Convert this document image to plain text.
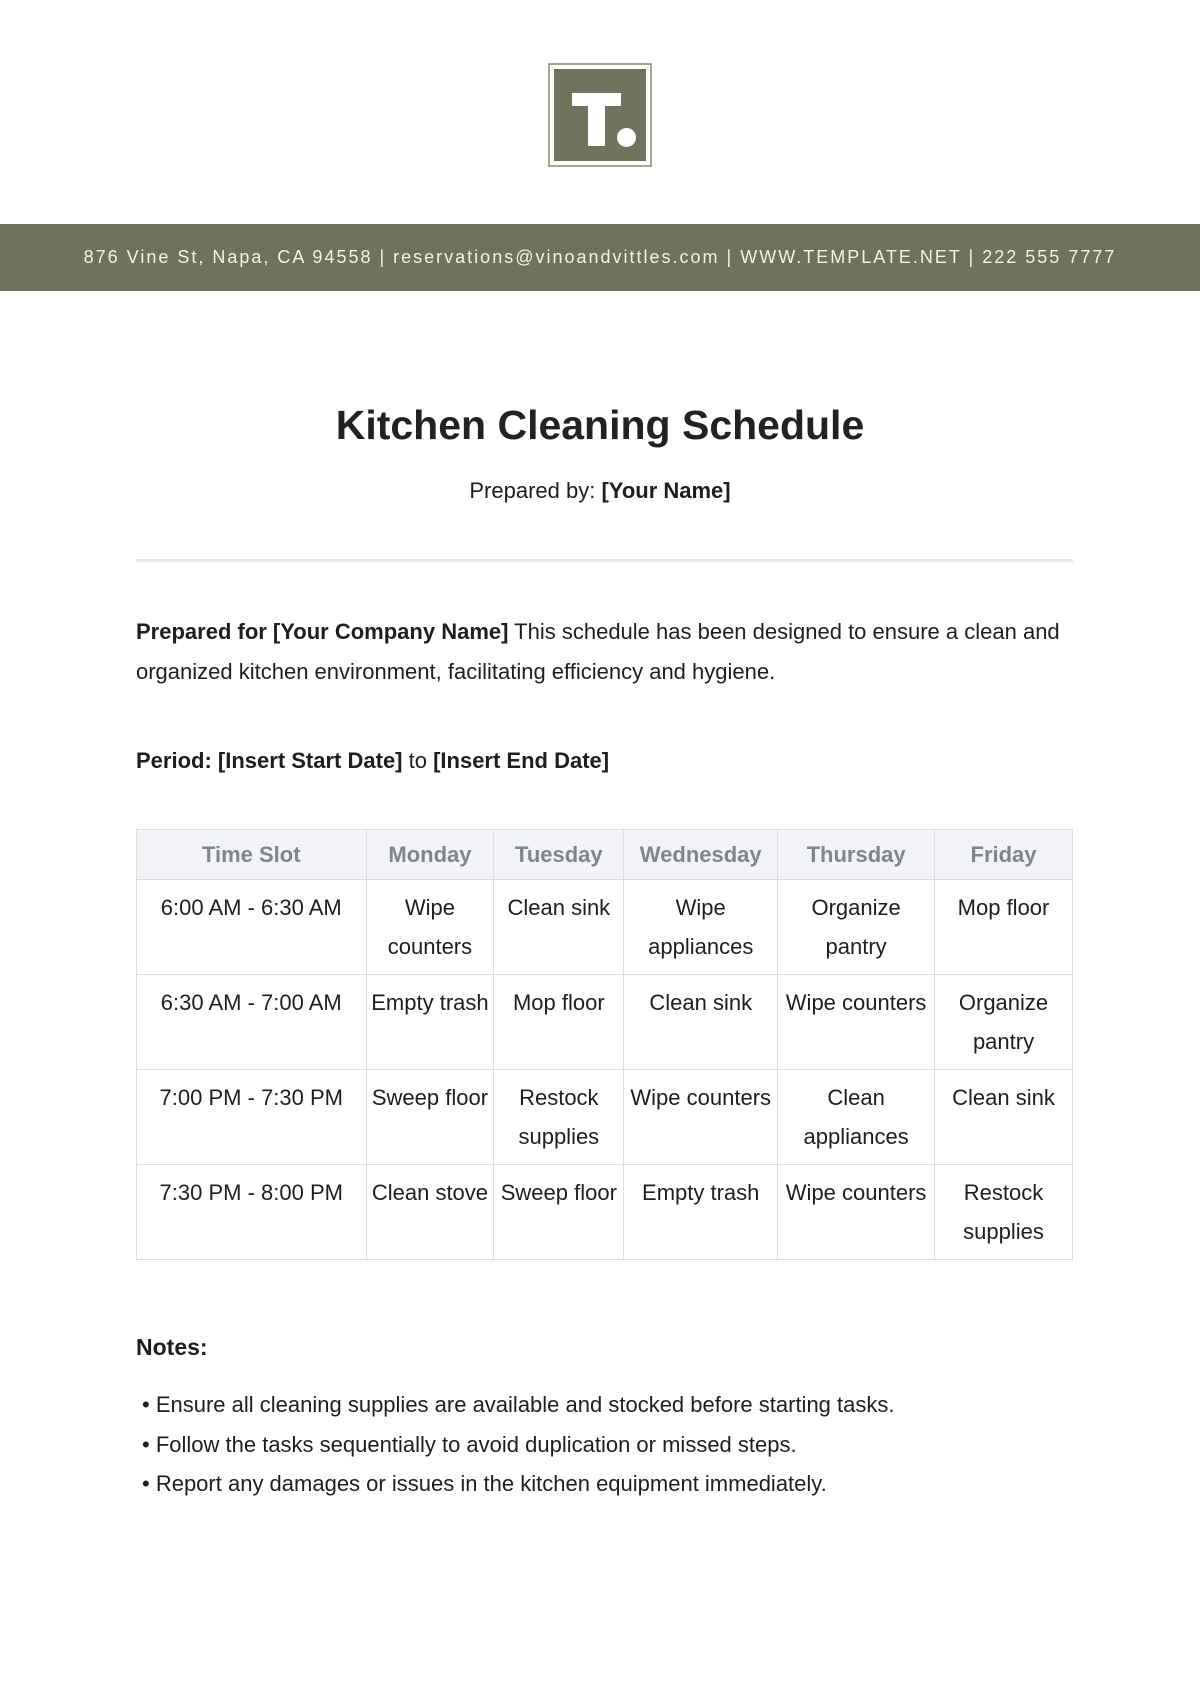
876 Vine St, Napa, CA 94558 | reservations@vinoandvittles.com | WWW.TEMPLATE.NET | 222 555 7777
Kitchen Cleaning Schedule
Prepared by: [Your Name]

Prepared for [Your Company Name] This schedule has been designed to ensure a clean and organized kitchen environment, facilitating efficiency and hygiene.

Period: [Insert Start Date] to [Insert End Date]

Time Slot	Monday	Tuesday	Wednesday	Thursday	Friday
6:00 AM - 6:30 AM	Wipe counters	Clean sink	Wipe appliances	Organize pantry	Mop floor
6:30 AM - 7:00 AM	Empty trash	Mop floor	Clean sink	Wipe counters	Organize pantry
7:00 PM - 7:30 PM	Sweep floor	Restock supplies	Wipe counters	Clean appliances	Clean sink
7:30 PM - 8:00 PM	Clean stove	Sweep floor	Empty trash	Wipe counters	Restock supplies
Notes:
• Ensure all cleaning supplies are available and stocked before starting tasks.
• Follow the tasks sequentially to avoid duplication or missed steps.
• Report any damages or issues in the kitchen equipment immediately.
